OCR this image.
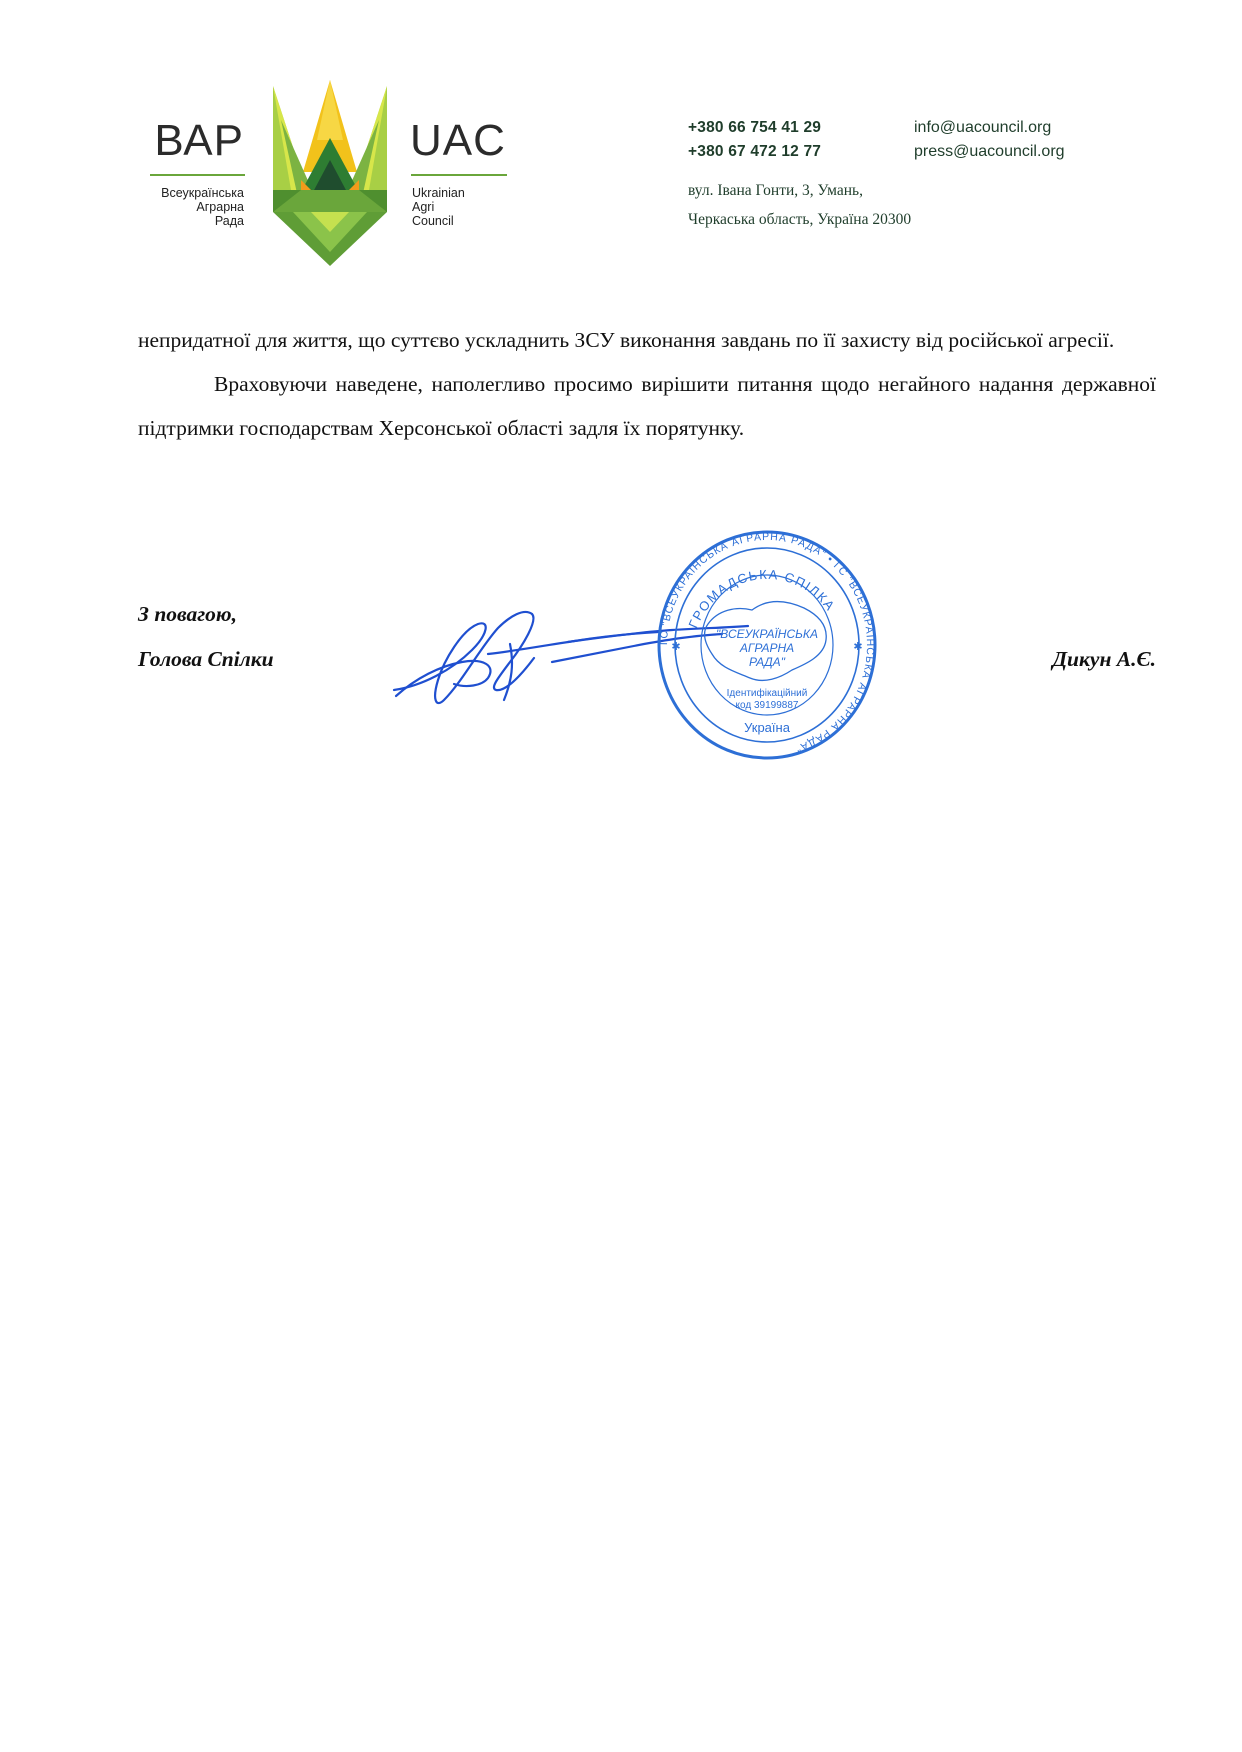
ВАР
Всеукраїнська
Аграрна
Рада
UAC
Ukrainian
Agri
Council
+380 66 754 41 29
+380 67 472 12 77
info@uacouncil.org
press@uacouncil.org
вул. Івана Гонти, 3, Умань,
Черкаська область, Україна 20300

непридатної для життя, що суттєво ускладнить ЗСУ виконання завдань по її захисту від російської агресії.

Враховуючи наведене, наполегливо просимо вирішити питання щодо негайного надання державної підтримки господарствам Херсонської області задля їх порятунку.

З повагою,
Голова Спілки	Дикун А.Є.
ГС "ВСЕУКРАЇНСЬКА АГРАРНА РАДА" • ГС "ВСЕУКРАЇНСЬКА АГРАРНА РАДА"
ГРОМАДСЬКА СПІЛКА
"ВСЕУКРАЇНСЬКА
АГРАРНА
РАДА"
Ідентифікаційний
код 39199887
Україна
✱	✱
